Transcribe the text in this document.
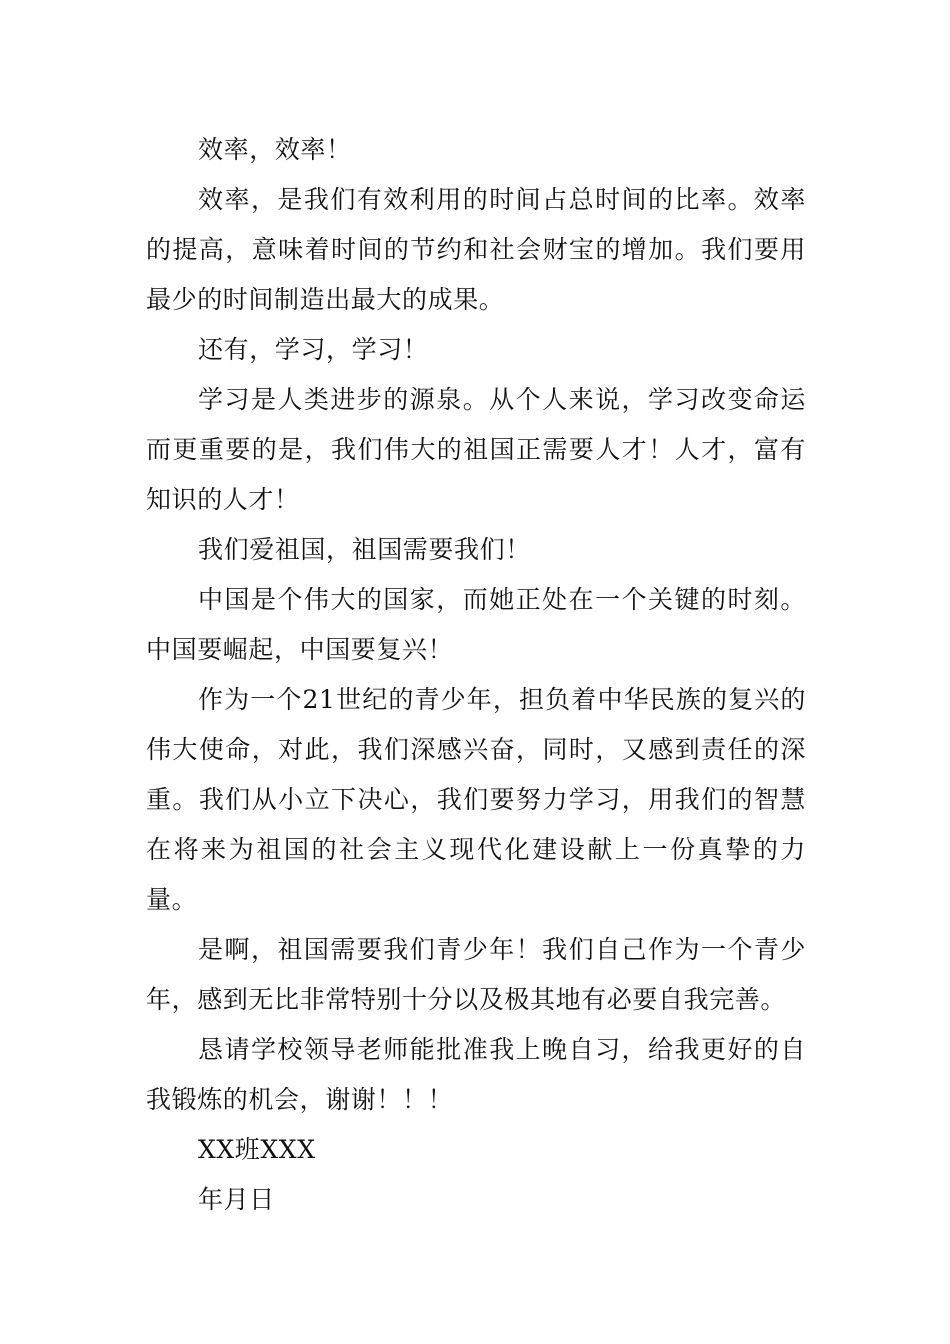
效率，效率！

效率，是我们有效利用的时间占总时间的比率。效率的提高，意味着时间的节约和社会财宝的增加。我们要用最少的时间制造出最大的成果。

还有，学习，学习！

学习是人类进步的源泉。从个人来说，学习改变命运而更重要的是，我们伟大的祖国正需要人才！人才，富有知识的人才！

我们爱祖国，祖国需要我们！

中国是个伟大的国家，而她正处在一个关键的时刻。中国要崛起，中国要复兴！

作为一个21世纪的青少年，担负着中华民族的复兴的伟大使命，对此，我们深感兴奋，同时，又感到责任的深重。我们从小立下决心，我们要努力学习，用我们的智慧在将来为祖国的社会主义现代化建设献上一份真挚的力量。

是啊，祖国需要我们青少年！我们自己作为一个青少年，感到无比非常特别十分以及极其地有必要自我完善。

恳请学校领导老师能批准我上晚自习，给我更好的自我锻炼的机会，谢谢！！！

XX班XXX

年月日
